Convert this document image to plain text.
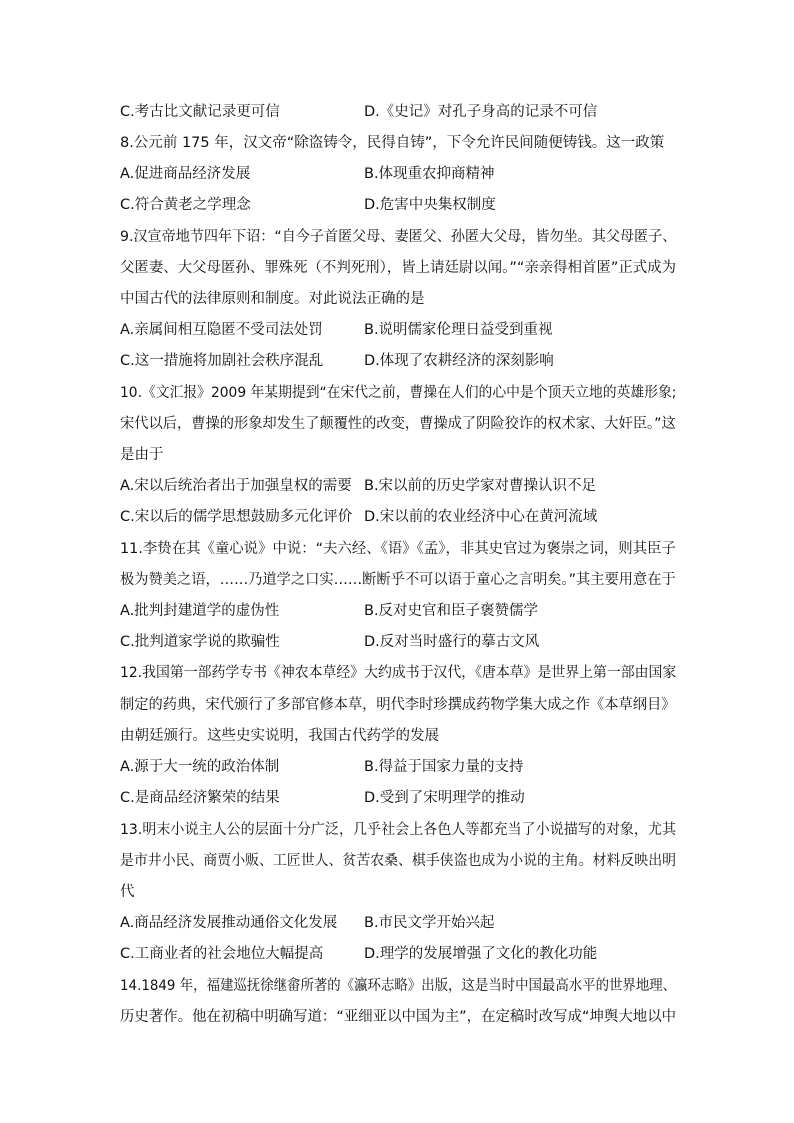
C.考古比文献记录更可信	D.《史记》对孔子身高的记录不可信
8.公元前 175 年，汉文帝“除盗铸令，民得自铸”，下令允许民间随便铸钱。这一政策
A.促进商品经济发展	B.体现重农抑商精神
C.符合黄老之学理念	D.危害中央集权制度
9.汉宣帝地节四年下诏：“自今子首匿父母、妻匿父、孙匿大父母，皆勿坐。其父母匿子、
父匿妻、大父母匿孙、罪殊死（不判死刑），皆上请廷尉以闻。”“亲亲得相首匿”正式成为
中国古代的法律原则和制度。对此说法正确的是
A.亲属间相互隐匿不受司法处罚	B.说明儒家伦理日益受到重视
C.这一措施将加剧社会秩序混乱	D.体现了农耕经济的深刻影响
10.《文汇报》2009 年某期提到“在宋代之前，曹操在人们的心中是个顶天立地的英雄形象;
宋代以后，曹操的形象却发生了颠覆性的改变，曹操成了阴险狡诈的权术家、大奸臣。”这
是由于
A.宋以后统治者出于加强皇权的需要 B.宋以前的历史学家对曹操认识不足
C.宋以后的儒学思想鼓励多元化评价 D.宋以前的农业经济中心在黄河流域
11.李贽在其《童心说》中说：“夫六经、《语》《孟》，非其史官过为褒崇之词，则其臣子
极为赞美之语，……乃道学之口实……断断乎不可以语于童心之言明矣。”其主要用意在于
A.批判封建道学的虚伪性	B.反对史官和臣子褒赞儒学
C.批判道家学说的欺骗性	D.反对当时盛行的摹古文风
12.我国第一部药学专书《神农本草经》大约成书于汉代，《唐本草》是世界上第一部由国家
制定的药典，宋代颁行了多部官修本草，明代李时珍撰成药物学集大成之作《本草纲目》
由朝廷颁行。这些史实说明，我国古代药学的发展
A.源于大一统的政治体制	B.得益于国家力量的支持
C.是商品经济繁荣的结果	D.受到了宋明理学的推动
13.明末小说主人公的层面十分广泛，几乎社会上各色人等都充当了小说描写的对象，尤其
是市井小民、商贾小贩、工匠世人、贫苦农桑、棋手侠盗也成为小说的主角。材料反映出明
代
A.商品经济发展推动通俗文化发展 B.市民文学开始兴起
C.工商业者的社会地位大幅提高	D.理学的发展增强了文化的教化功能
14.1849 年，福建巡抚徐继畲所著的《瀛环志略》出版，这是当时中国最高水平的世界地理、
历史著作。他在初稿中明确写道：“亚细亚以中国为主”，在定稿时改写成“坤舆大地以中
